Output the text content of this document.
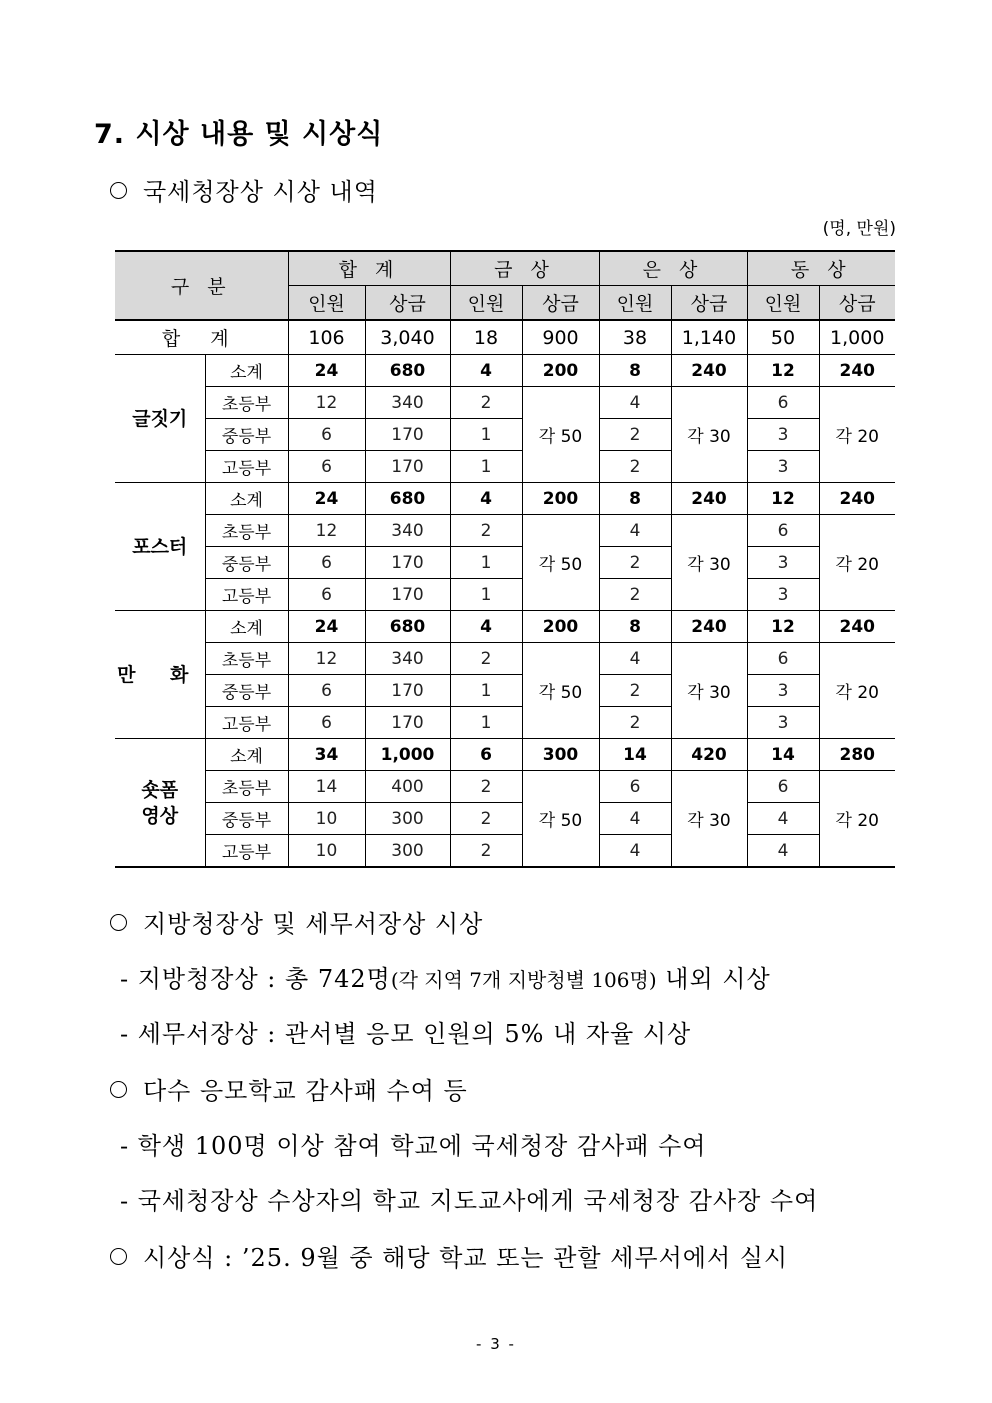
7. 시상 내용 및 시상식
국세청장상 시상 내역
(명, 만원)
구 분		합 계		금 상		은 상		동 상	
		인원	상금	인원	상금	인원	상금	인원	상금
합 계		106	3,040	18	900	38	1,140	50	1,000
글짓기	소계	24	680	4	200	8	240	12	240
	초등부	12	340	2	각 50	4	각 30	6	각 20
	중등부	6	170	1		2		3	
	고등부	6	170	1		2		3	
포스터	소계	24	680	4	200	8	240	12	240
	초등부	12	340	2	각 50	4	각 30	6	각 20
	중등부	6	170	1		2		3	
	고등부	6	170	1		2		3	
만 화	소계	24	680	4	200	8	240	12	240
	초등부	12	340	2	각 50	4	각 30	6	각 20
	중등부	6	170	1		2		3	
	고등부	6	170	1		2		3	

숏폼
영상	소계	34	1,000	6	300	14	420	14	280
	초등부	14	400	2	각 50	6	각 30	6	각 20
	중등부	10	300	2		4		4	
	고등부	10	300	2		4		4	
지방청장상 및 세무서장상 시상
- 지방청장상 : 총 742명(각 지역 7개 지방청별 106명) 내외 시상
- 세무서장상 : 관서별 응모 인원의 5% 내 자율 시상
다수 응모학교 감사패 수여 등
- 학생 100명 이상 참여 학교에 국세청장 감사패 수여
- 국세청장상 수상자의 학교 지도교사에게 국세청장 감사장 수여
시상식 : ’25. 9월 중 해당 학교 또는 관할 세무서에서 실시
- 3 -
